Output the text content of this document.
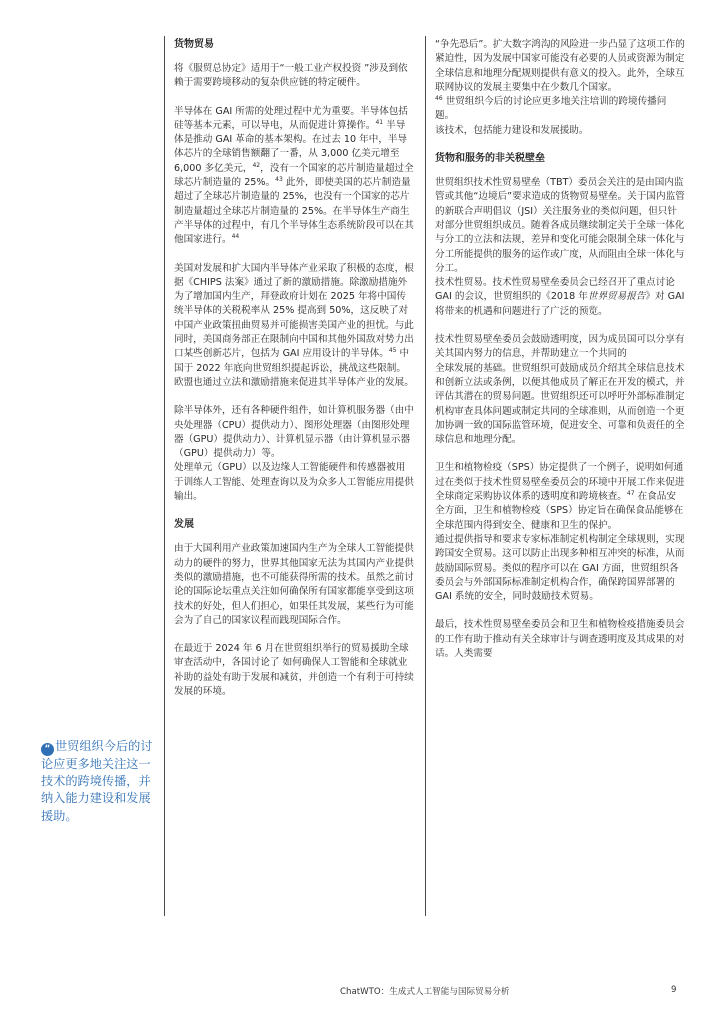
“ 世贸组织今后的讨论应更多地关注这一技术的跨境传播，并纳入能力建设和发展援助。
货物贸易

将《服贸总协定》适用于“一般工业产权投资 ”涉及到依赖于需要跨境移动的复杂供应链的特定硬件。

半导体在 GAI 所需的处理过程中尤为重要。半导体包括硅等基本元素，可以导电，从而促进计算操作。$^{41}$ 半导体是推动 GAI 革命的基本架构。在过去 10 年中，半导体芯片的全球销售额翻了一番，从 3,000 亿美元增至 6,000 多亿美元，$^{42}$，没有一个国家的芯片制造量超过全球芯片制造量的 25%。$^{43}$ 此外，即使美国的芯片制造量超过了全球芯片制造量的 25%，也没有一个国家的芯片制造量超过全球芯片制造量的 25%。在半导体生产商生产半导体的过程中，有几个半导体生态系统阶段可以在其他国家进行。$^{44}$

美国对发展和扩大国内半导体产业采取了积极的态度，根据《CHIPS 法案》通过了新的激励措施。除激励措施外

为了增加国内生产，拜登政府计划在 2025 年将中国传统半导体的关税税率从 25% 提高到 50%，这反映了对中国产业政策扭曲贸易并可能损害美国产业的担忧。与此同时，美国商务部正在限制向中国和其他外国敌对势力出口某些创新芯片，包括为 GAI 应用设计的半导体。$^{45}$ 中国于 2022 年底向世贸组织提起诉讼，挑战这些限制。欧盟也通过立法和激励措施来促进其半导体产业的发展。

除半导体外，还有各种硬件组件，如计算机服务器（由中央处理器（CPU）提供动力）、图形处理器（由图形处理器（GPU）提供动力）、计算机显示器（由计算机显示器（GPU）提供动力）等。

处理单元（GPU）以及边缘人工智能硬件和传感器被用于训练人工智能、处理查询以及为众多人工智能应用提供输出。

发展

由于大国利用产业政策加速国内生产为全球人工智能提供动力的硬件的努力，世界其他国家无法为其国内产业提供类似的激励措施，也不可能获得所需的技术。虽然之前讨论的国际论坛重点关注如何确保所有国家都能享受到这项技术的好处，但人们担心，如果任其发展，某些行为可能会为了自己的国家议程而践现国际合作。

在最近于 2024 年 6 月在世贸组织举行的贸易援助全球审查活动中，各国讨论了 如何确保人工智能和全球就业补助的益处有助于发展和减贫，并创造一个有利于可持续 发展的环境。

“争先恐后”。扩大数字鸿沟的风险进一步凸显了这项工作的紧迫性，因为发展中国家可能没有必要的人员或资源为制定全球信息和地理分配规则提供有意义的投入。此外，全球互联网协议的发展主要集中在少数几个国家。

$^{46}$ 世贸组织今后的讨论应更多地关注培训的跨境传播问题。

该技术，包括能力建设和发展援助。

货物和服务的非关税壁垒

世贸组织技术性贸易壁垒（TBT）委员会关注的是由国内监管或其他“边境后”要求造成的货物贸易壁垒。关于国内监管的新联合声明倡议（JSI）关注服务业的类似问题，但只针对部分世贸组织成员。随着各成员继续制定关于全球一体化与分工的立法和法规，差异和变化可能会限制全球一体化与分工所能提供的服务的运作或广度，从而阻由全球一体化与分工。

技术性贸易。技术性贸易壁垒委员会已经召开了重点讨论 GAI 的会议，世贸组织的《2018 年世界贸易报告》对 GAI 将带来的机遇和问题进行了广泛的预览。

技术性贸易壁垒委员会鼓励透明度，因为成员国可以分享有关其国内努力的信息，并帮助建立一个共同的

全球发展的基础。世贸组织可鼓励成员介绍其全球信息技术和创新立法或条例，以便其他成员了解正在开发的模式，并评估其潜在的贸易问题。世贸组织还可以呼吁外部标准制定机构审查具体问题或制定共同的全球准则，从而创造一个更加协调一致的国际监管环境，促进安全、可靠和负责任的全球信息和地理分配。

卫生和植物检疫（SPS）协定提供了一个例子，说明如何通过在类似于技术性贸易壁垒委员会的环境中开展工作来促进全球商定采购协议体系的透明度和跨境核查。$^{47}$ 在食品安全方面，卫生和植物检疫（SPS）协定旨在确保食品能够在全球范围内得到安全、健康和卫生的保护。

通过提供指导和要求专家标准制定机构制定全球规则，实现跨国安全贸易。这可以防止出现多种相互冲突的标准，从而鼓励国际贸易。类似的程序可以在 GAI 方面，世贸组织各委员会与外部国际标准制定机构合作，确保跨国界部署的 GAI 系统的安全，同时鼓励技术贸易。

最后，技术性贸易壁垒委员会和卫生和植物检疫措施委员会的工作有助于推动有关全球审计与调查透明度及其成果的对话。人类需要

ChatWTO：生成式人工智能与国际贸易分析	9
